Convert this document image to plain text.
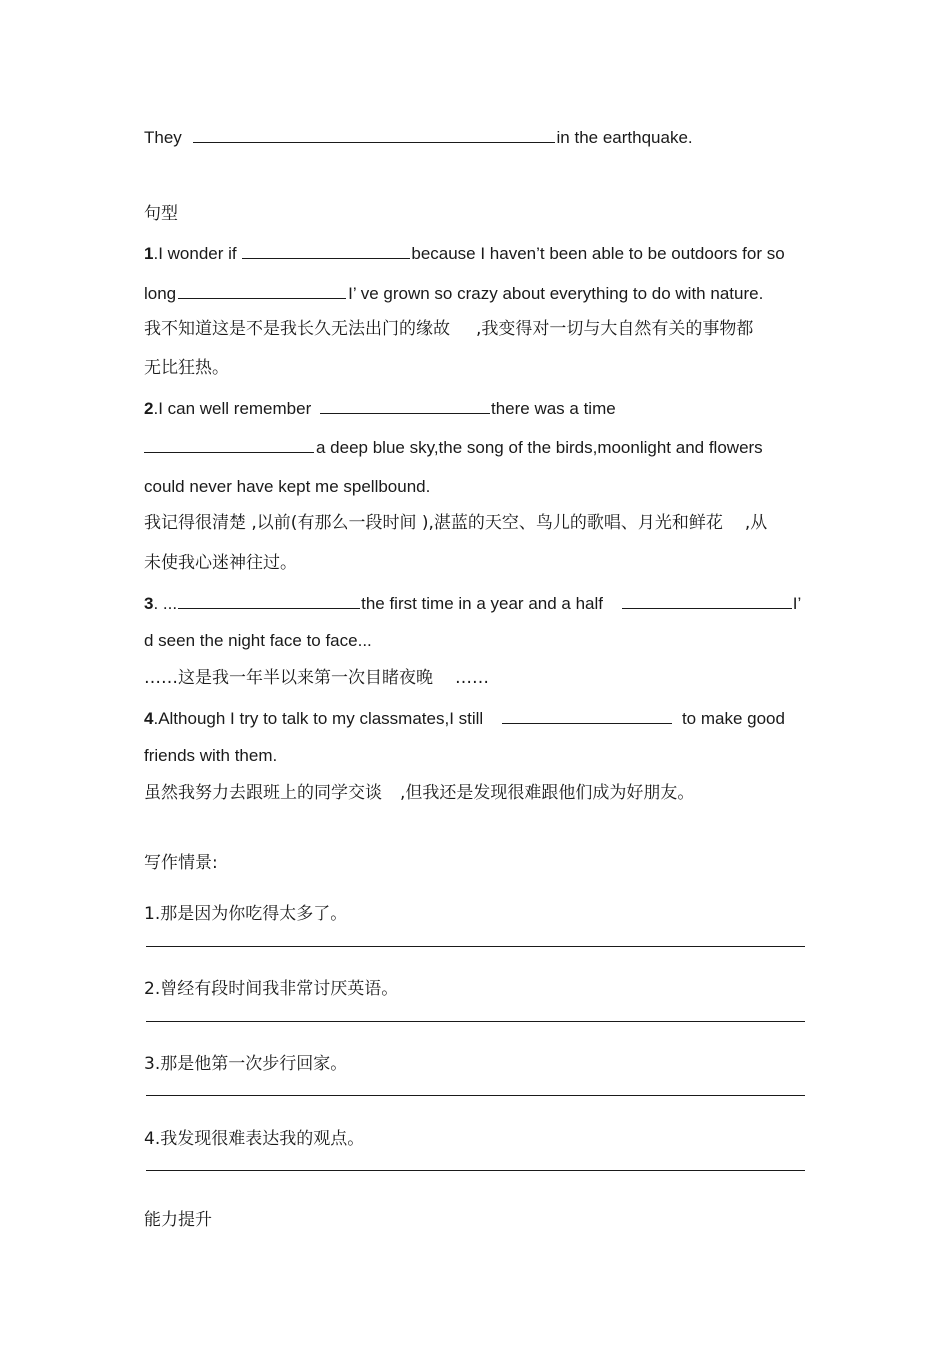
They	in the earthquake.
句型
1.I wonder if	because I haven’t been able to be outdoors for so
long	I’ ve grown so crazy about everything to do with nature.
我不知道这是不是我长久无法出门的缘故 ,我变得对一切与大自然有关的事物都
无比狂热。
2.I can well remember	there was a time
a deep blue sky,the song of the birds,moonlight and flowers
could never have kept me spellbound.
我记得很清楚 ,以前(有那么一段时间 ),湛蓝的天空、鸟儿的歌唱、月光和鲜花 ,从
未使我心迷神往过。
3. ...	the first time in a year and a half	I’
d seen the night face to face...
……这是我一年半以来第一次目睹夜晚 ……
4.Although I try to talk to my classmates,I still	to make good
friends with them.
虽然我努力去跟班上的同学交谈 ,但我还是发现很难跟他们成为好朋友。
写作情景:
1.那是因为你吃得太多了。
2.曾经有段时间我非常讨厌英语。
3.那是他第一次步行回家。
4.我发现很难表达我的观点。
能力提升
